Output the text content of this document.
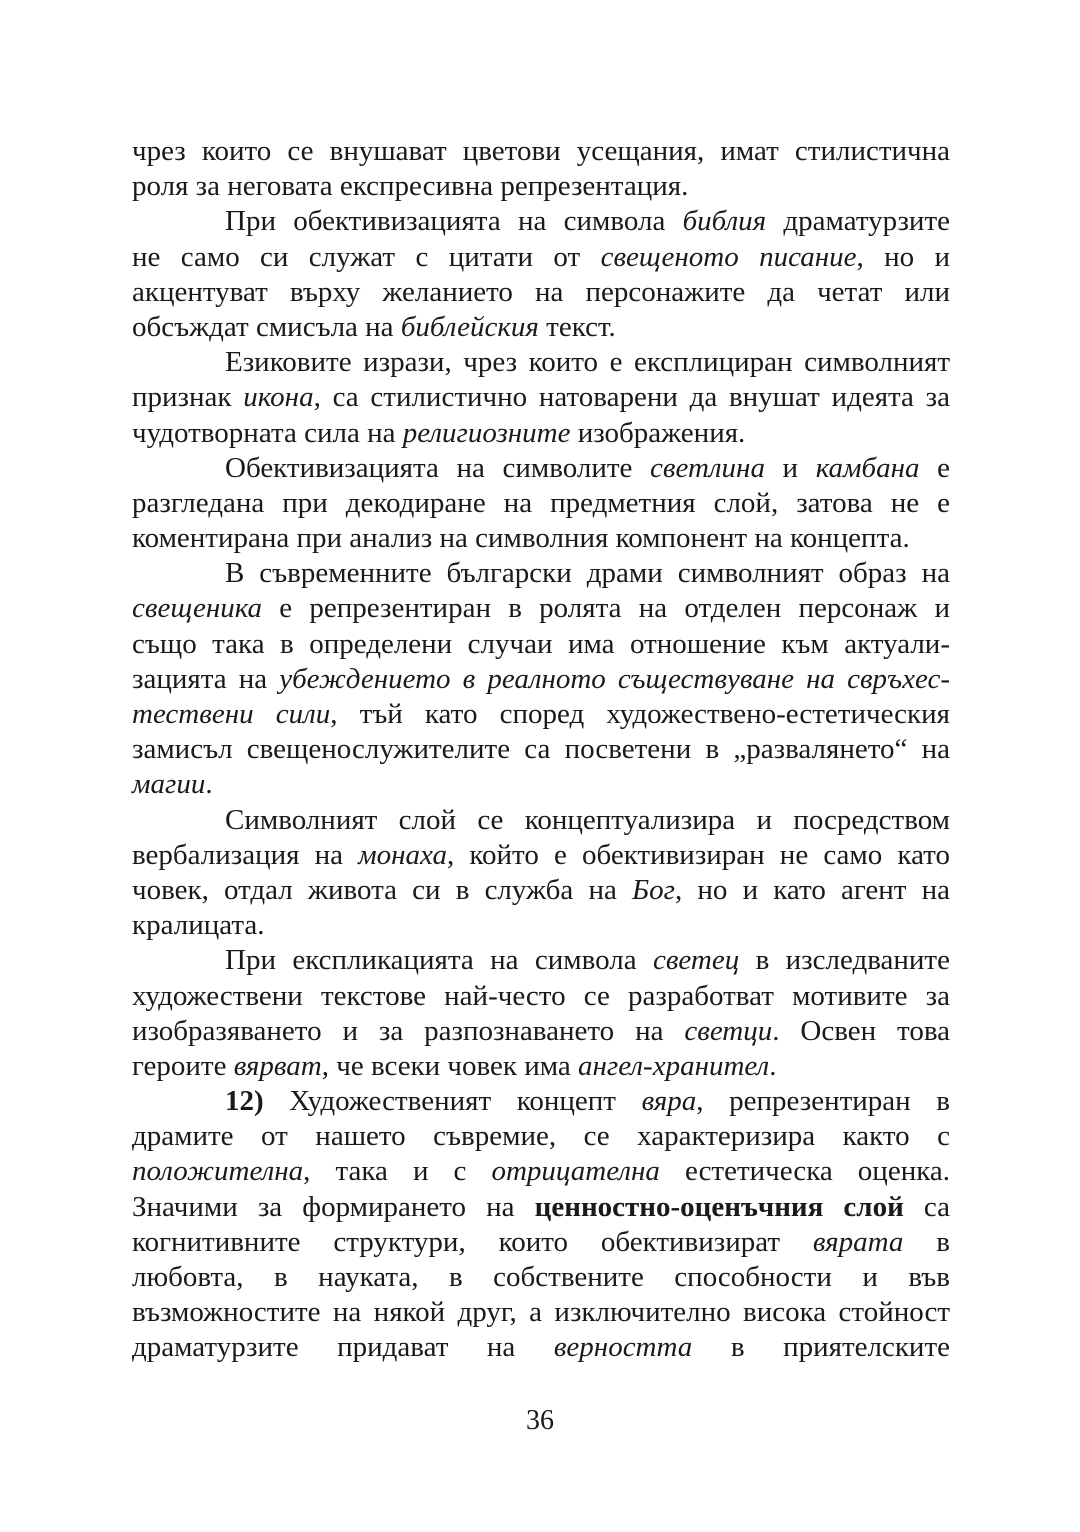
чрез които се внушават цветови усещания, имат стилистична
роля за неговата експресивна репрезентация.
При обективизацията на символа библия драматурзите
не само си служат с цитати от свещеното писание, но и
акцентуват върху желанието на персонажите да четат или
обсъждат смисъла на библейския текст.
Езиковите изрази, чрез които е експлициран символният
признак икона, са стилистично натоварени да внушат идеята за
чудотворната сила на религиозните изображения.
Обективизацията на символите светлина и камбана е
разгледана при декодиране на предметния слой, затова не е
коментирана при анализ на символния компонент на концепта.
В съвременните български драми символният образ на
свещеника е репрезентиран в ролята на отделен персонаж и
също така в определени случаи има отношение към актуали-
зацията на убеждението в реалното съществуване на свръхес-
тествени сили, тъй като според художествено-естетическия
замисъл свещенослужителите са посветени в „развалянето“ на
магии.
Символният слой се концептуализира и посредством
вербализация на монаха, който е обективизиран не само като
човек, отдал живота си в служба на Бог, но и като агент на
кралицата.
При експликацията на символа светец в изследваните
художествени текстове най-често се разработват мотивите за
изобразяването и за разпознаването на светци. Освен това
героите вярват, че всеки човек има ангел-хранител.
12) Художественият концепт вяра, репрезентиран в
драмите от нашето съвремие, се характеризира както с
положителна, така и с отрицателна естетическа оценка.
Значими за формирането на ценностно-оценъчния слой са
когнитивните структури, които обективизират вярата в
любовта, в науката, в собствените способности и във
възможностите на някой друг, а изключително висока стойност
драматурзите придават на верността в приятелските
36
